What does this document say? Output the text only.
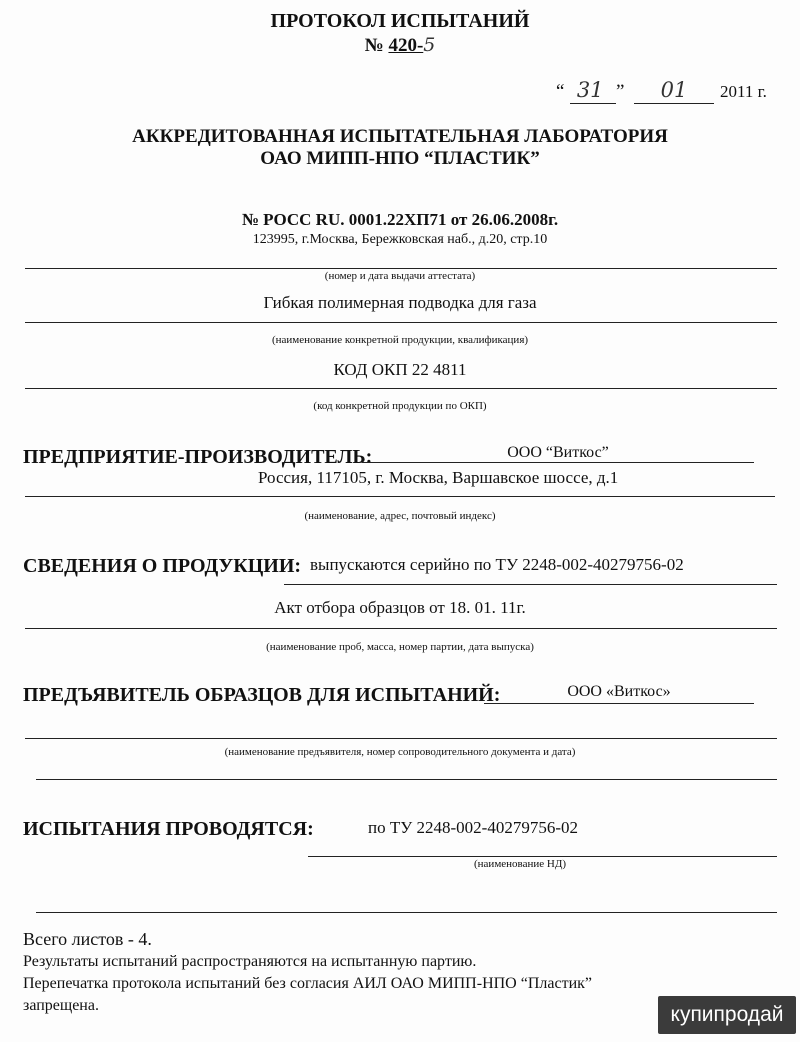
ПРОТОКОЛ ИСПЫТАНИЙ
№ 420-5
“ 31 ”	01	2011 г.
АККРЕДИТОВАННАЯ ИСПЫТАТЕЛЬНАЯ ЛАБОРАТОРИЯ
ОАО МИПП-НПО “ПЛАСТИК”
№ РОСС RU. 0001.22ХП71 от 26.06.2008г.
123995, г.Москва, Бережковская наб., д.20, стр.10
(номер и дата выдачи аттестата)
Гибкая полимерная подводка для газа
(наименование конкретной продукции, квалификация)
КОД ОКП 22 4811
(код конкретной продукции по ОКП)
ПРЕДПРИЯТИЕ-ПРОИЗВОДИТЕЛЬ:	ООО “Виткос”
Россия, 117105, г. Москва, Варшавское шоссе, д.1
(наименование, адрес, почтовый индекс)
СВЕДЕНИЯ О ПРОДУКЦИИ: выпускаются серийно по ТУ 2248-002-40279756-02
Акт отбора образцов от 18. 01. 11г.
(наименование проб, масса, номер партии, дата выпуска)
ПРЕДЪЯВИТЕЛЬ ОБРАЗЦОВ ДЛЯ ИСПЫТАНИЙ:	ООО «Виткос»
(наименование предъявителя, номер сопроводительного документа и дата)
ИСПЫТАНИЯ ПРОВОДЯТСЯ:	по ТУ 2248-002-40279756-02
(наименование НД)
Всего листов - 4.
Результаты испытаний распространяются на испытанную партию.
Перепечатка протокола испытаний без согласия АИЛ ОАО МИПП-НПО “Пластик”
запрещена.	купипродай
